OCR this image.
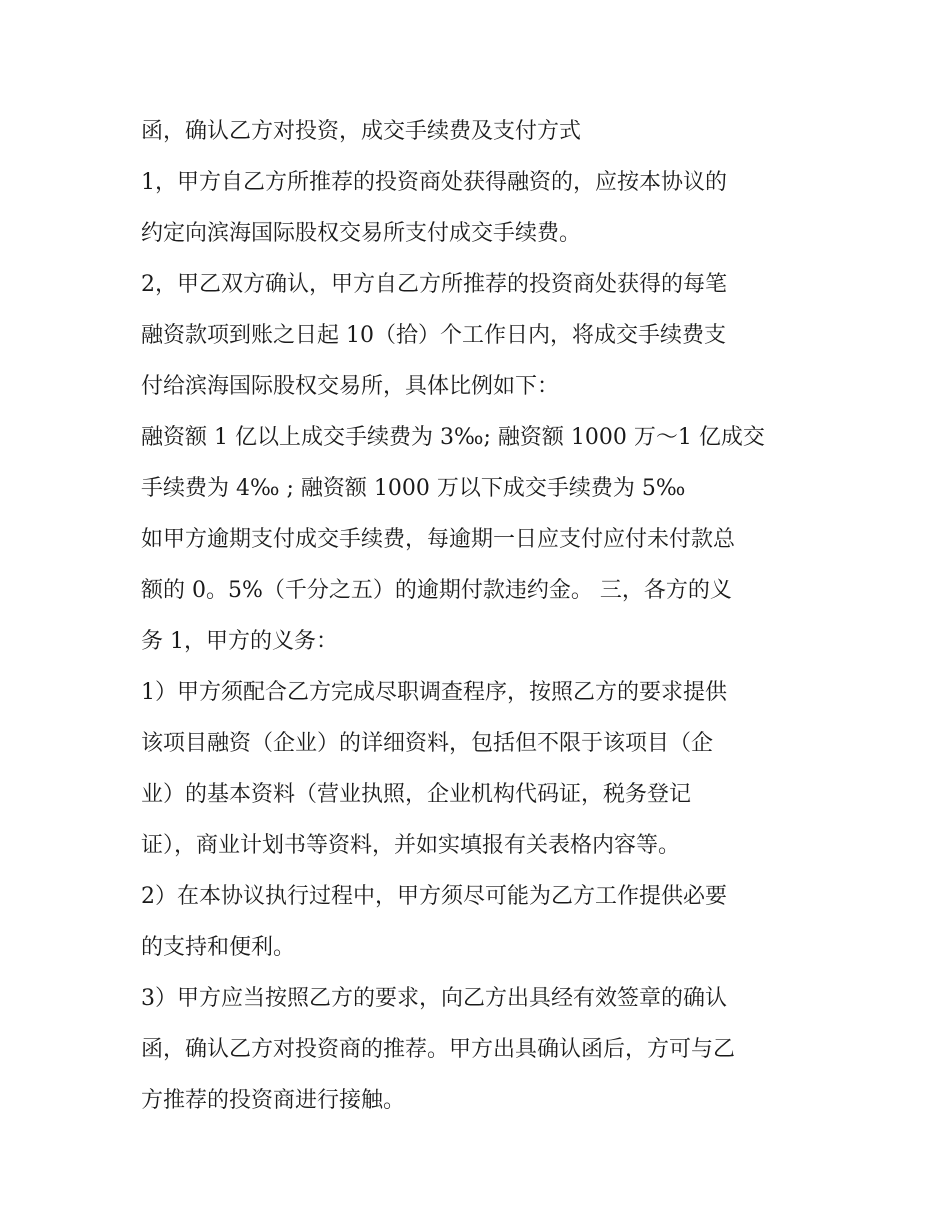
函，确认乙方对投资，成交手续费及支付方式
1，甲方自乙方所推荐的投资商处获得融资的，应按本协议的
约定向滨海国际股权交易所支付成交手续费。
2，甲乙双方确认，甲方自乙方所推荐的投资商处获得的每笔
融资款项到账之日起 10（拾）个工作日内，将成交手续费支
付给滨海国际股权交易所，具体比例如下：
融资额 1 亿以上成交手续费为 3‰; 融资额 1000 万～1 亿成交
手续费为 4‰ ; 融资额 1000 万以下成交手续费为 5‰
如甲方逾期支付成交手续费，每逾期一日应支付应付未付款总
额的 0。5%（千分之五）的逾期付款违约金。 三，各方的义
务 1，甲方的义务：
1）甲方须配合乙方完成尽职调查程序，按照乙方的要求提供
该项目融资（企业）的详细资料，包括但不限于该项目（企
业）的基本资料（营业执照，企业机构代码证，税务登记
证），商业计划书等资料，并如实填报有关表格内容等。
2）在本协议执行过程中，甲方须尽可能为乙方工作提供必要
的支持和便利。
3）甲方应当按照乙方的要求，向乙方出具经有效签章的确认
函，确认乙方对投资商的推荐。甲方出具确认函后，方可与乙
方推荐的投资商进行接触。
